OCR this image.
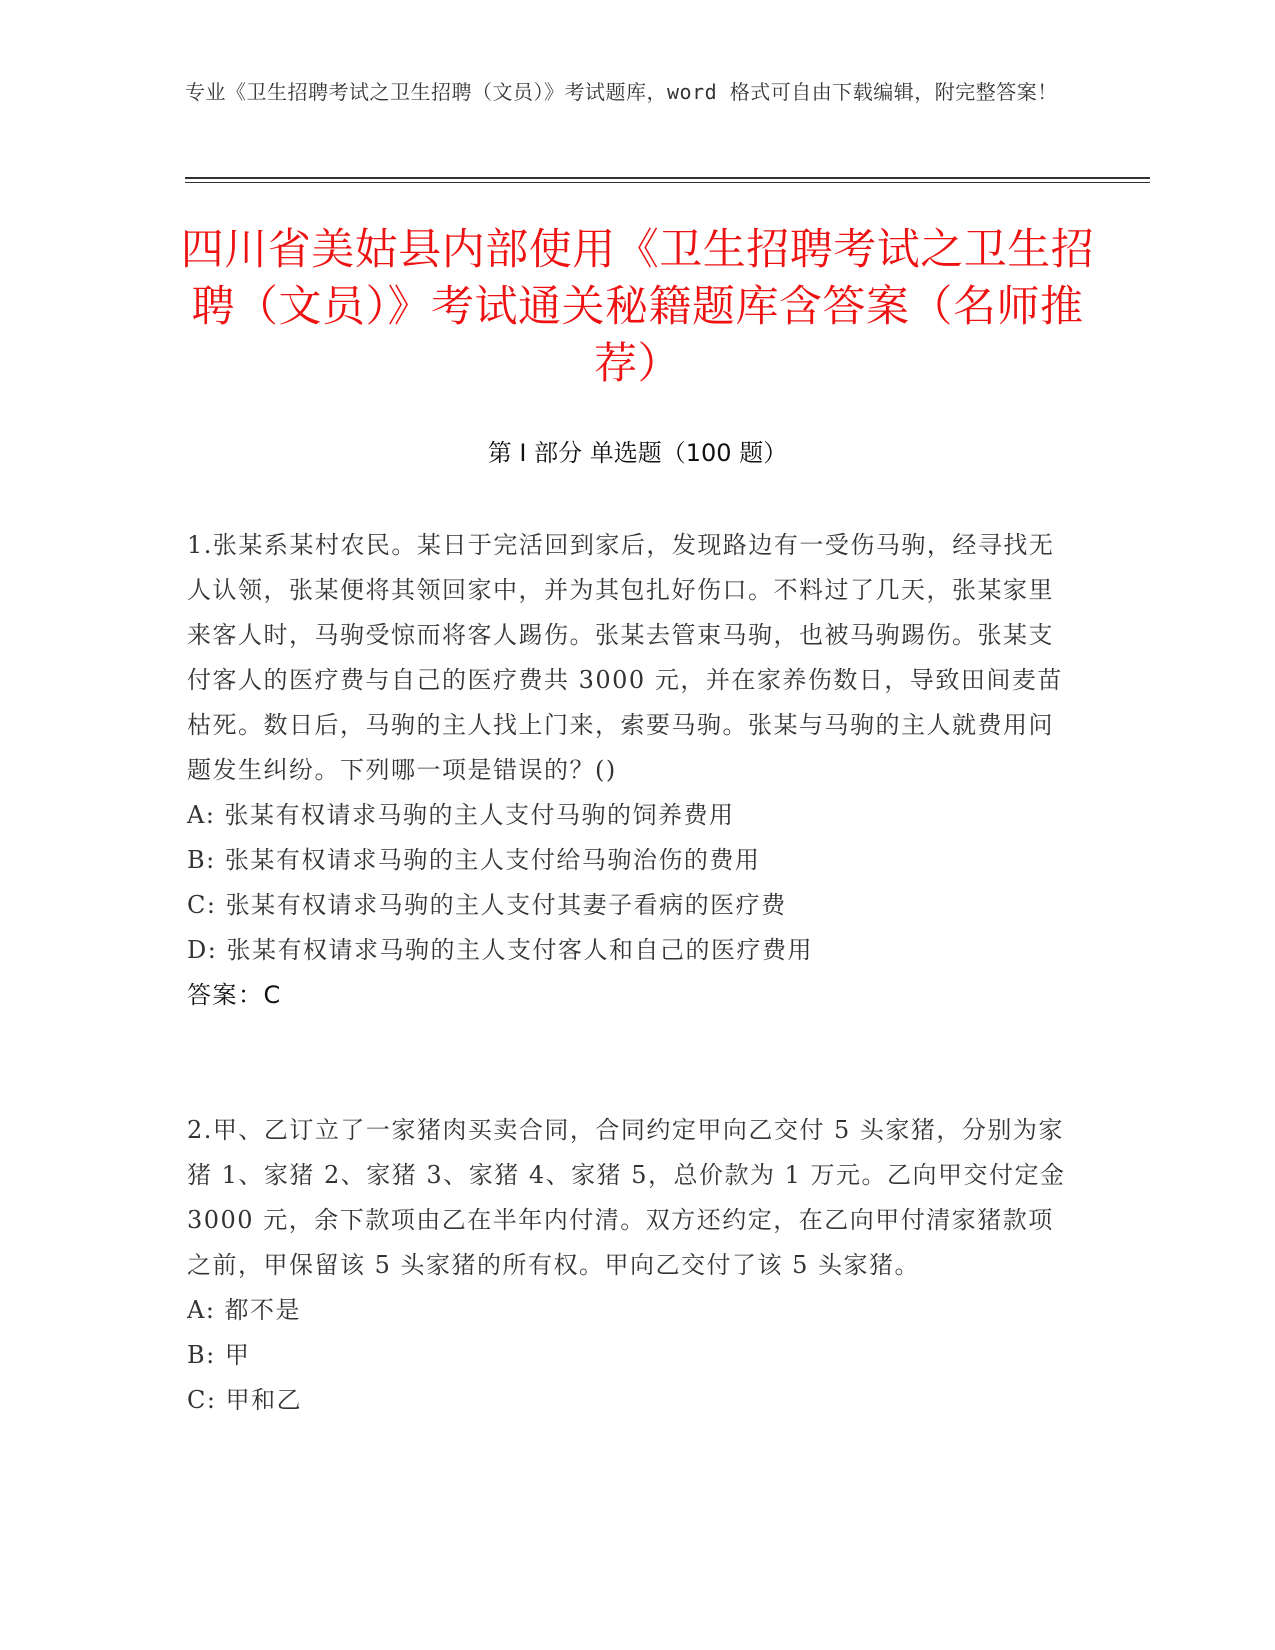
专业《卫生招聘考试之卫生招聘（文员）》考试题库，word 格式可自由下载编辑，附完整答案！
四川省美姑县内部使用《卫生招聘考试之卫生招聘（文员）》考试通关秘籍题库含答案（名师推荐）
第 I 部分 单选题（100 题）
1.张某系某村农民。某日于完活回到家后，发现路边有一受伤马驹，经寻找无人认领，张某便将其领回家中，并为其包扎好伤口。不料过了几天，张某家里来客人时，马驹受惊而将客人踢伤。张某去管束马驹，也被马驹踢伤。张某支付客人的医疗费与自己的医疗费共 3000 元，并在家养伤数日，导致田间麦苗枯死。数日后，马驹的主人找上门来，索要马驹。张某与马驹的主人就费用问题发生纠纷。下列哪一项是错误的？()
A: 张某有权请求马驹的主人支付马驹的饲养费用
B: 张某有权请求马驹的主人支付给马驹治伤的费用
C: 张某有权请求马驹的主人支付其妻子看病的医疗费
D: 张某有权请求马驹的主人支付客人和自己的医疗费用
答案：C
2.甲、乙订立了一家猪肉买卖合同，合同约定甲向乙交付 5 头家猪，分别为家猪 1、家猪 2、家猪 3、家猪 4、家猪 5，总价款为 1 万元。乙向甲交付定金 3000 元，余下款项由乙在半年内付清。双方还约定，在乙向甲付清家猪款项之前，甲保留该 5 头家猪的所有权。甲向乙交付了该 5 头家猪。
A: 都不是
B: 甲
C: 甲和乙
